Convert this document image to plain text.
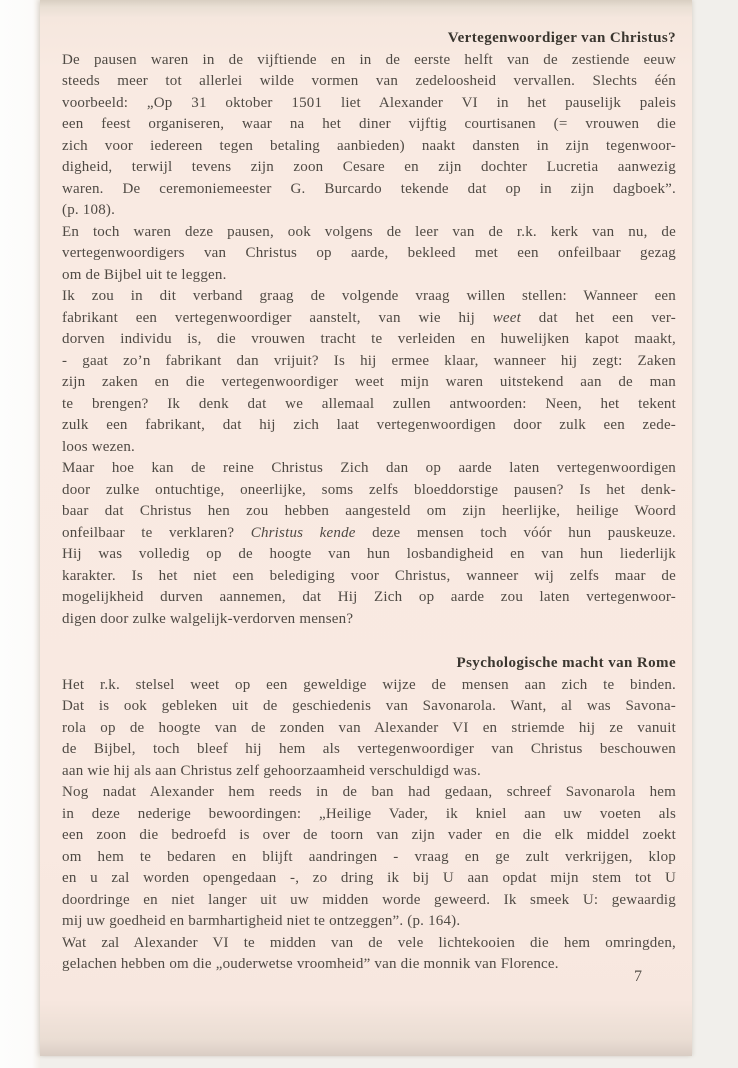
Vertegenwoordiger van Christus?
De pausen waren in de vijftiende en in de eerste helft van de zestiende eeuw
steeds meer tot allerlei wilde vormen van zedeloosheid vervallen. Slechts één
voorbeeld: „Op 31 oktober 1501 liet Alexander VI in het pauselijk paleis
een feest organiseren, waar na het diner vijftig courtisanen (= vrouwen die
zich voor iedereen tegen betaling aanbieden) naakt dansten in zijn tegenwoor-
digheid, terwijl tevens zijn zoon Cesare en zijn dochter Lucretia aanwezig
waren. De ceremoniemeester G. Burcardo tekende dat op in zijn dagboek”.
(p. 108).
En toch waren deze pausen, ook volgens de leer van de r.k. kerk van nu, de
vertegenwoordigers van Christus op aarde, bekleed met een onfeilbaar gezag
om de Bijbel uit te leggen.
Ik zou in dit verband graag de volgende vraag willen stellen: Wanneer een
fabrikant een vertegenwoordiger aanstelt, van wie hij weet dat het een ver-
dorven individu is, die vrouwen tracht te verleiden en huwelijken kapot maakt,
- gaat zo’n fabrikant dan vrijuit? Is hij ermee klaar, wanneer hij zegt: Zaken
zijn zaken en die vertegenwoordiger weet mijn waren uitstekend aan de man
te brengen? Ik denk dat we allemaal zullen antwoorden: Neen, het tekent
zulk een fabrikant, dat hij zich laat vertegenwoordigen door zulk een zede-
loos wezen.
Maar hoe kan de reine Christus Zich dan op aarde laten vertegenwoordigen
door zulke ontuchtige, oneerlijke, soms zelfs bloeddorstige pausen? Is het denk-
baar dat Christus hen zou hebben aangesteld om zijn heerlijke, heilige Woord
onfeilbaar te verklaren? Christus kende deze mensen toch vóór hun pauskeuze.
Hij was volledig op de hoogte van hun losbandigheid en van hun liederlijk
karakter. Is het niet een belediging voor Christus, wanneer wij zelfs maar de
mogelijkheid durven aannemen, dat Hij Zich op aarde zou laten vertegenwoor-
digen door zulke walgelijk-verdorven mensen?
Psychologische macht van Rome
Het r.k. stelsel weet op een geweldige wijze de mensen aan zich te binden.
Dat is ook gebleken uit de geschiedenis van Savonarola. Want, al was Savona-
rola op de hoogte van de zonden van Alexander VI en striemde hij ze vanuit
de Bijbel, toch bleef hij hem als vertegenwoordiger van Christus beschouwen
aan wie hij als aan Christus zelf gehoorzaamheid verschuldigd was.
Nog nadat Alexander hem reeds in de ban had gedaan, schreef Savonarola hem
in deze nederige bewoordingen: „Heilige Vader, ik kniel aan uw voeten als
een zoon die bedroefd is over de toorn van zijn vader en die elk middel zoekt
om hem te bedaren en blijft aandringen - vraag en ge zult verkrijgen, klop
en u zal worden opengedaan -, zo dring ik bij U aan opdat mijn stem tot U
doordringe en niet langer uit uw midden worde geweerd. Ik smeek U: gewaardig
mij uw goedheid en barmhartigheid niet te ontzeggen”. (p. 164).
Wat zal Alexander VI te midden van de vele lichtekooien die hem omringden,
gelachen hebben om die „ouderwetse vroomheid” van die monnik van Florence.
7
